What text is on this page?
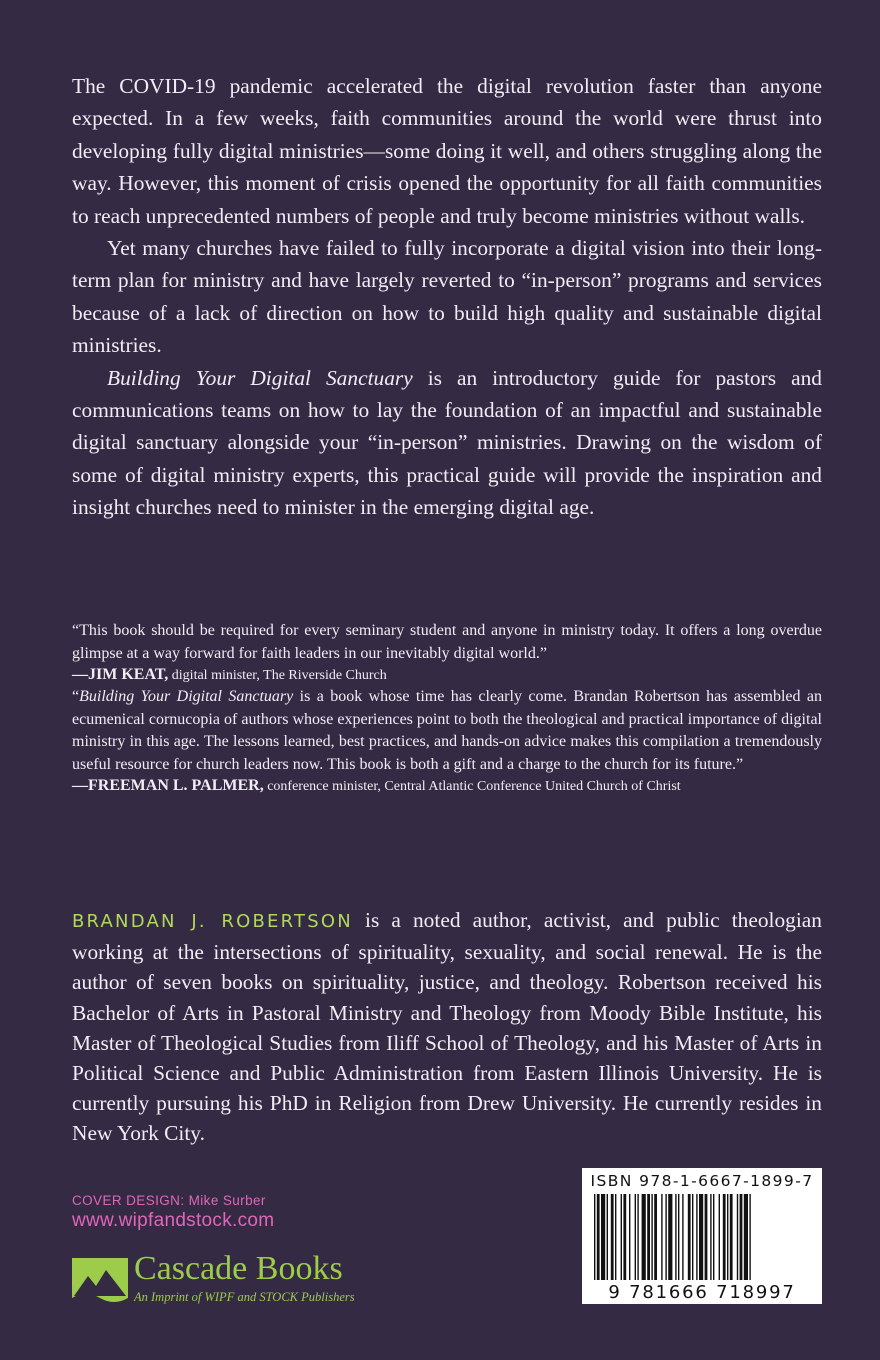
The COVID-19 pandemic accelerated the digital revolution faster than anyone expected. In a few weeks, faith communities around the world were thrust into developing fully digital ministries—some doing it well, and others struggling along the way. However, this moment of crisis opened the opportunity for all faith communities to reach unprecedented numbers of people and truly become ministries without walls.

Yet many churches have failed to fully incorporate a digital vision into their long-term plan for ministry and have largely reverted to “in-person” programs and services because of a lack of direction on how to build high quality and sustainable digital ministries.

Building Your Digital Sanctuary is an introductory guide for pastors and communications teams on how to lay the foundation of an impactful and sustainable digital sanctuary alongside your “in-person” ministries. Drawing on the wisdom of some of digital ministry experts, this practical guide will provide the inspiration and insight churches need to minister in the emerging digital age.

“This book should be required for every seminary student and anyone in ministry today. It offers a long overdue glimpse at a way forward for faith leaders in our inevitably digital world.”

—JIM KEAT, digital minister, The Riverside Church

“Building Your Digital Sanctuary is a book whose time has clearly come. Brandan Robertson has assembled an ecumenical cornucopia of authors whose experiences point to both the theological and practical importance of digital ministry in this age. The lessons learned, best practices, and hands-on advice makes this compilation a tremendously useful resource for church leaders now. This book is both a gift and a charge to the church for its future.”

—FREEMAN L. PALMER, conference minister, Central Atlantic Conference United Church of Christ

BRANDAN J. ROBERTSON is a noted author, activist, and public theologian working at the intersections of spirituality, sexuality, and social renewal. He is the author of seven books on spirituality, justice, and theology. Robertson received his Bachelor of Arts in Pastoral Ministry and Theology from Moody Bible Institute, his Master of Theological Studies from Iliff School of Theology, and his Master of Arts in Political Science and Public Administration from Eastern Illinois University. He is currently pursuing his PhD in Religion from Drew University. He currently resides in New York City.

COVER DESIGN: Mike Surber
www.wipfandstock.com
Cascade Books
An Imprint of WIPF and STOCK Publishers
ISBN 978-1-6667-1899-7
9 781666 718997
